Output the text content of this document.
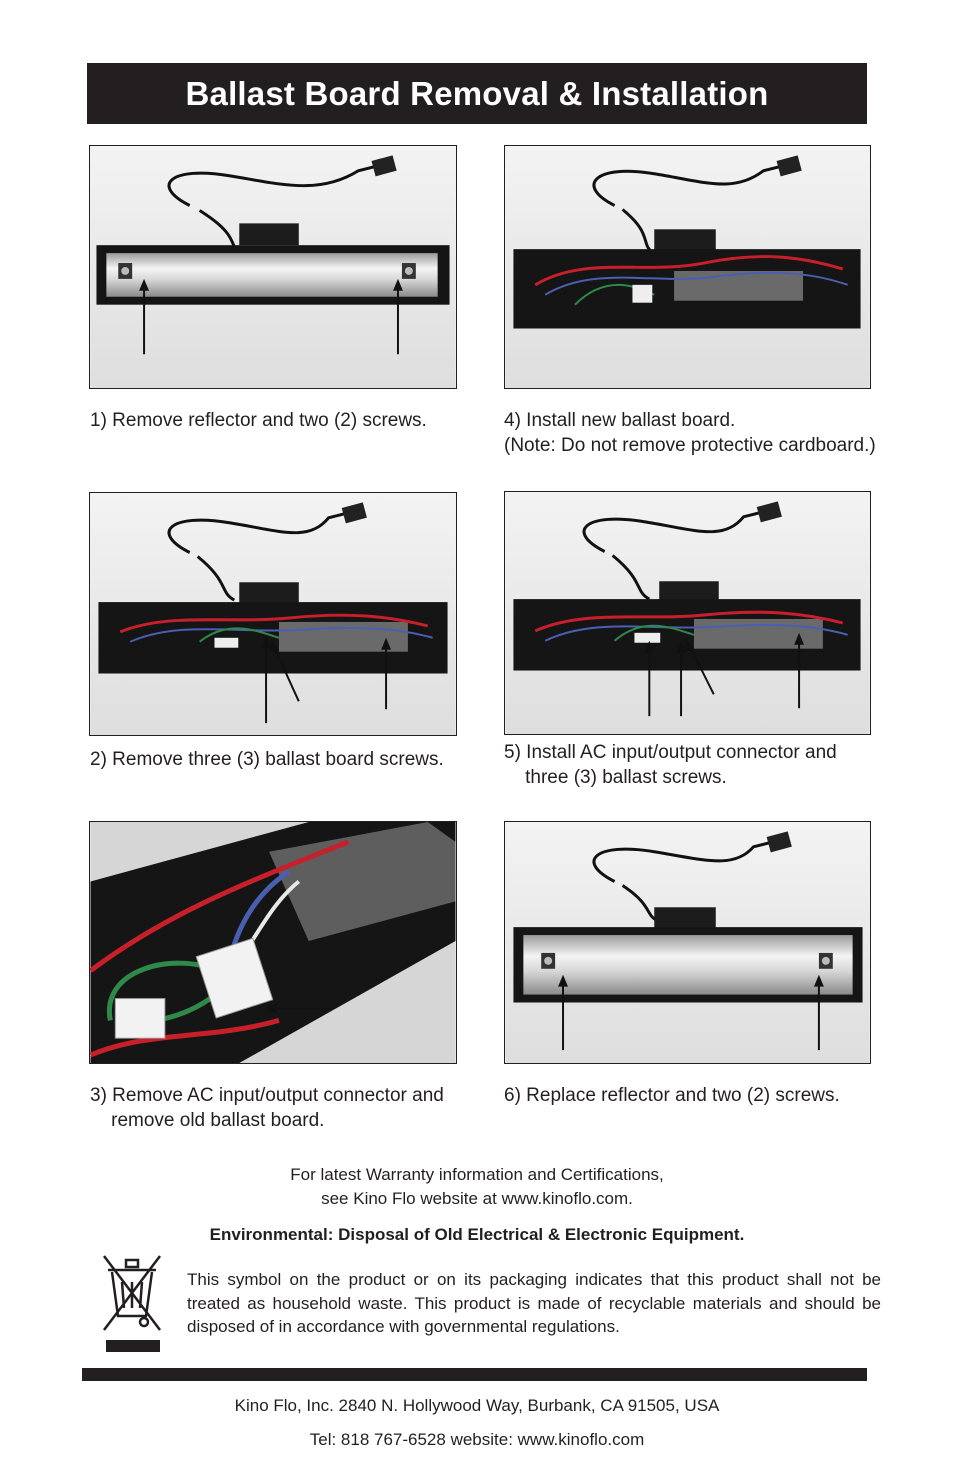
Ballast Board Removal & Installation
1) Remove reflector and two (2) screws.	4) Install new ballast board.
(Note: Do not remove protective cardboard.)
2) Remove three (3) ballast board screws.	5) Install AC input/output connector and
three (3) ballast screws.
3) Remove AC input/output connector and
remove old ballast board.
6) Replace reflector and two (2) screws.
For latest Warranty information and Certifications,
see Kino Flo website at www.kinoflo.com.
Environmental: Disposal of Old Electrical & Electronic Equipment.
This symbol on the product or on its packaging indicates that this product shall not be treated as household waste. This product is made of recyclable materials and should be disposed of in accordance with governmental regulations.
Kino Flo, Inc. 2840 N. Hollywood Way, Burbank, CA 91505, USA
Tel: 818 767-6528 website: www.kinoflo.com
